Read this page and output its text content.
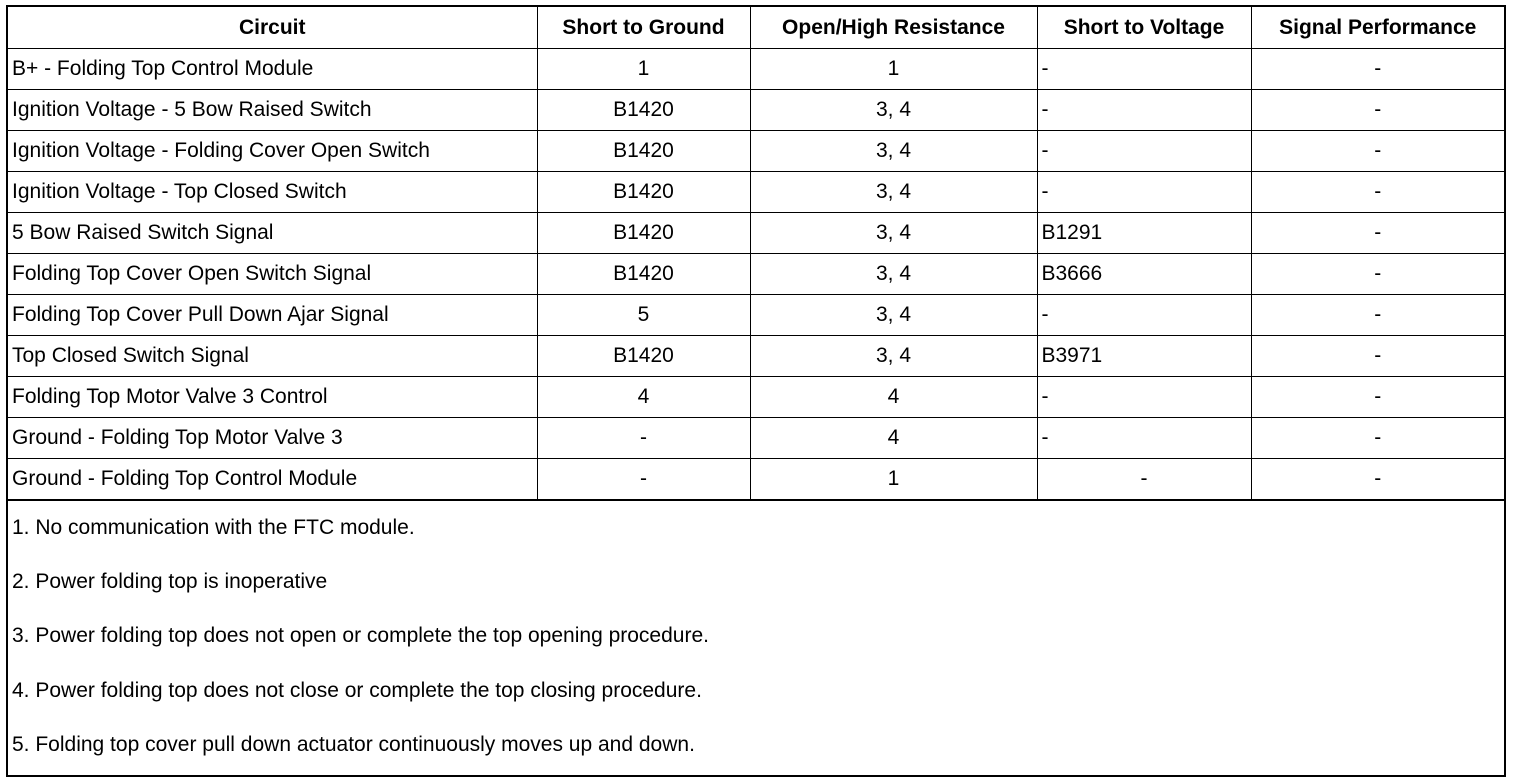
Circuit	Short to Ground	Open/High Resistance	Short to Voltage	Signal Performance
B+ - Folding Top Control Module	1	1	-	-
Ignition Voltage - 5 Bow Raised Switch	B1420	3, 4	-	-
Ignition Voltage - Folding Cover Open Switch	B1420	3, 4	-	-
Ignition Voltage - Top Closed Switch	B1420	3, 4	-	-
5 Bow Raised Switch Signal	B1420	3, 4	B1291	-
Folding Top Cover Open Switch Signal	B1420	3, 4	B3666	-
Folding Top Cover Pull Down Ajar Signal	5	3, 4	-	-
Top Closed Switch Signal	B1420	3, 4	B3971	-
Folding Top Motor Valve 3 Control	4	4	-	-
Ground - Folding Top Motor Valve 3	-	4	-	-
Ground - Folding Top Control Module	-	1	-	-
1. No communication with the FTC module.
2. Power folding top is inoperative
3. Power folding top does not open or complete the top opening procedure.
4. Power folding top does not close or complete the top closing procedure.
5. Folding top cover pull down actuator continuously moves up and down.
